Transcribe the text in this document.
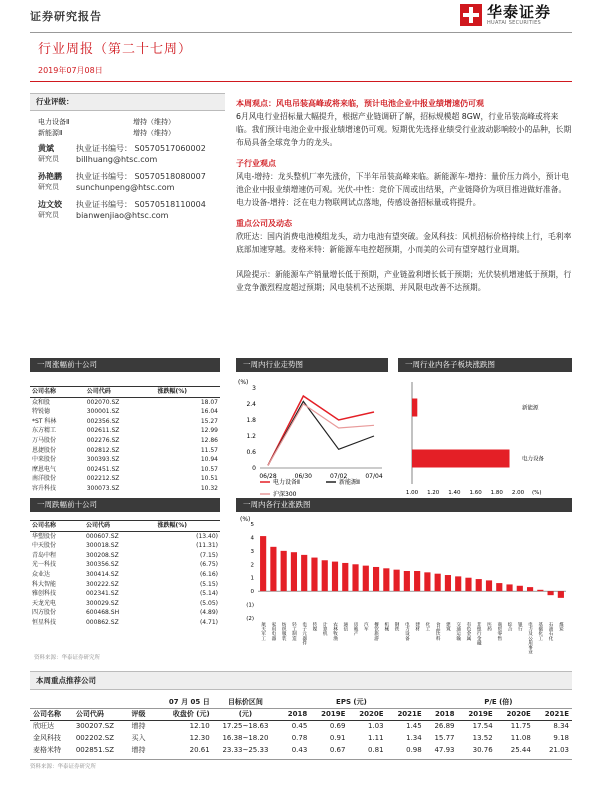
证券研究报告	华泰证券
HUATAI SECURITIES
行业周报（第二十七周）
2019年07月08日
行业评级：
电力设备Ⅱ	增持（维持）
新能源Ⅱ	增持（维持）
黄斌	执业证书编号： S0570517060002
研究员	billhuang@htsc.com
孙艳鹏	执业证书编号： S0570518080007
研究员	sunchunpeng@htsc.com
边文姣	执业证书编号： S0570518110004
研究员	bianwenjiao@htsc.com
本周观点：风电吊装高峰或将来临，预计电池企业中报业绩增速仍可观
6月风电行业招标量大幅提升，根据产业链调研了解，招标规模超 8GW，行业吊装高峰或将来临。我们预计电池企业中报业绩增速仍可观。短期优先选择业绩受行业波动影响较小的品种，长期布局具备全球竞争力的龙头。
子行业观点
风电-增持：龙头整机厂率先涨价，下半年吊装高峰来临。新能源车-增持：量价压力尚小，预计电池企业中报业绩增速仍可观。光伏-中性：竞价下周或出结果，产业链降价为项目推进做好准备。电力设备-增持：泛在电力物联网试点落地，传感设备招标量或将提升。
重点公司及动态
欣旺达：国内消费电池模组龙头，动力电池有望突破。金风科技：风机招标价格持续上行，毛利率底部加速穿越。麦格米特：新能源车电控超预期，小而美的公司有望穿越行业周期。
风险提示：新能源车产销量增长低于预期，产业链盈利增长低于预期；光伏装机增速低于预期，行业竞争激烈程度超过预期；风电装机不达预期、并风限电改善不达预期。
一周涨幅前十公司
公司名称	公司代码	涨跌幅(%)
众和股	002070.SZ	18.07
特锐德	300001.SZ	16.04
*ST 科林	002356.SZ	15.27
东方精工	002611.SZ	12.99
万马股份	002276.SZ	12.86
恩捷股份	002812.SZ	11.57
中来股份	300393.SZ	10.94
摩恩电气	002451.SZ	10.57
南洋股份	002212.SZ	10.51
容升科技	300073.SZ	10.32
一周跌幅前十公司
公司名称	公司代码	涨跌幅(%)
华塑股份	000607.SZ	(13.40)
中天股份	300018.SZ	(11.31)
青岛中程	300208.SZ	(7.15)
光一科技	300356.SZ	(6.75)
众业达	300414.SZ	(6.16)
科大智能	300222.SZ	(5.15)
雅创科技	002341.SZ	(5.14)
天龙光电	300029.SZ	(5.05)
四方股份	600468.SH	(4.89)
恒星科技	000862.SZ	(4.71)
资料来源：华泰证券研究所
一周内行业走势图
(%)
3
2.4
1.8
1.2
0.6
0
06/28	06/30	07/02	07/04
电力设备Ⅱ	新能源Ⅱ
沪深300
一周行业内各子板块涨跌图
新能源
电力设备
1.00 1.20 1.40 1.60 1.80 2.00 (%)
一周内各行业涨跌图
(%)
5
4
3
2
1
0
(1)
(2)
航天军工 家用电器 纺织服装 轻工制造 电子元器件 传媒 计算机 农林牧渔 通信 房地产 汽车 餐饮旅游 机械 钢铁 电力设备 建材 化工 食品饮料 建筑 交通运输 有色金属 非银行金融 医药 商贸零售 综合 银行 电力及公用事业 基础化工 石油石化 煤炭
本周重点推荐公司
			07 月 05 日	目标价区间	EPS (元)				P/E (倍)			
公司名称	公司代码	评级	收盘价 (元)	(元)	2018	2019E	2020E	2021E	2018	2019E	2020E	2021E
欣旺达	300207.SZ	增持	12.10	17.25~18.63	0.45	0.69	1.03	1.45	26.89	17.54	11.75	8.34
金风科技	002202.SZ	买入	12.30	16.38~18.20	0.78	0.91	1.11	1.34	15.77	13.52	11.08	9.18
麦格米特	002851.SZ	增持	20.61	23.33~25.33	0.43	0.67	0.81	0.98	47.93	30.76	25.44	21.03
资料来源：华泰证券研究所
